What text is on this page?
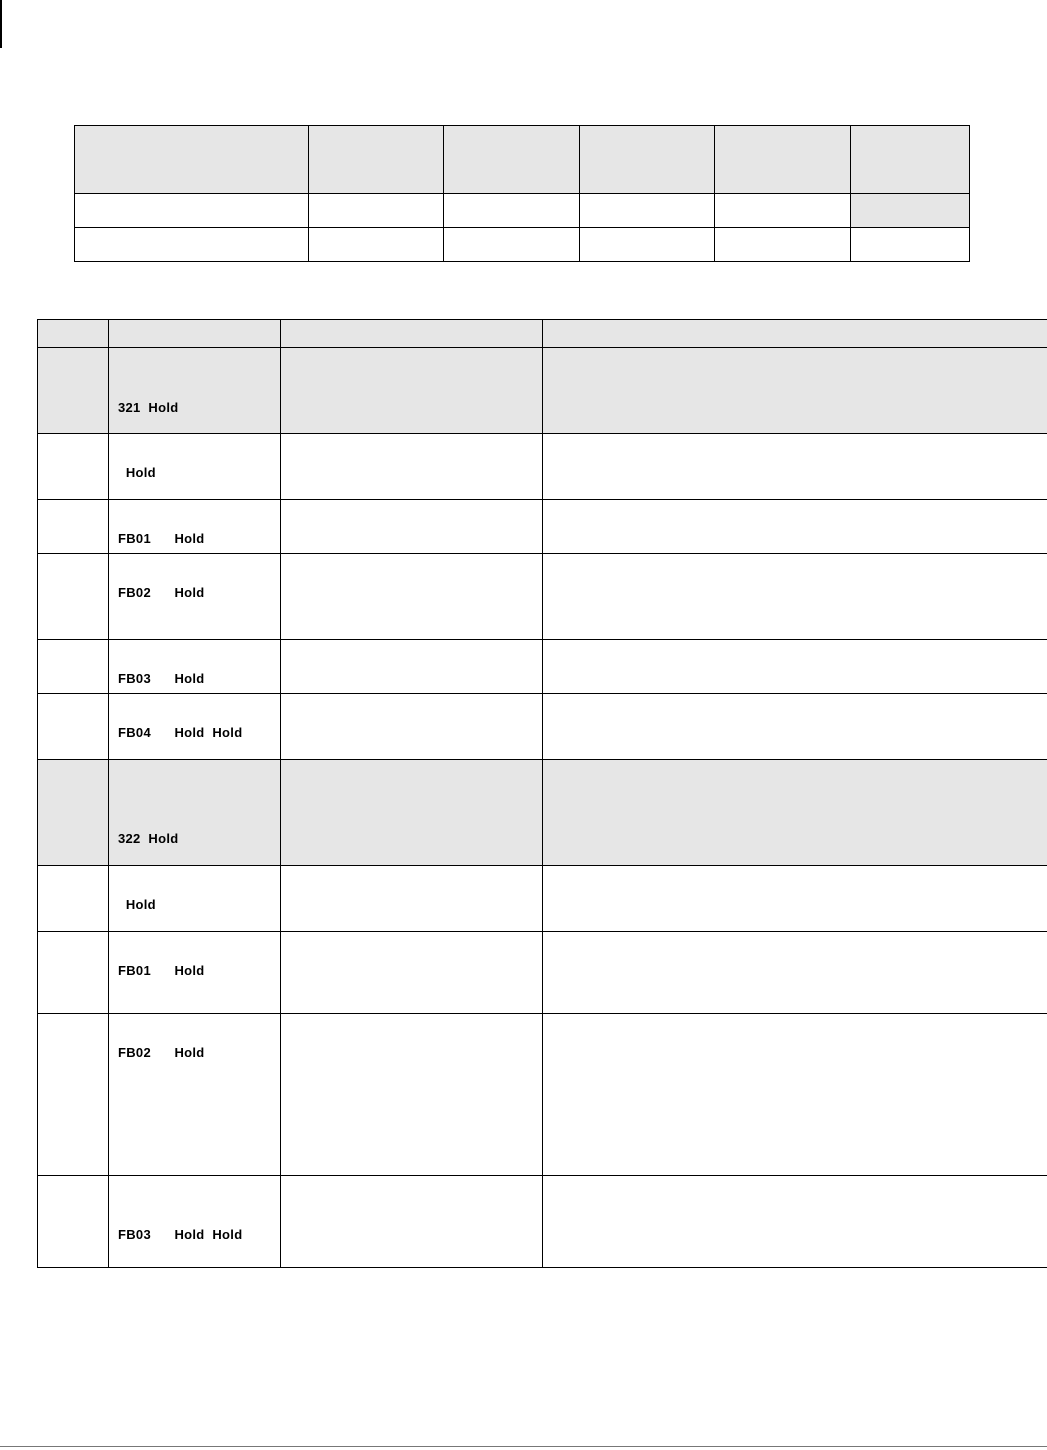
	321  Hold		

	Hold		

	FB01      Hold		

	FB02      Hold		

	FB03      Hold		

	FB04      Hold  Hold		

	322  Hold		

	Hold		

	FB01      Hold		

	FB02      Hold		

	FB03      Hold  Hold		
